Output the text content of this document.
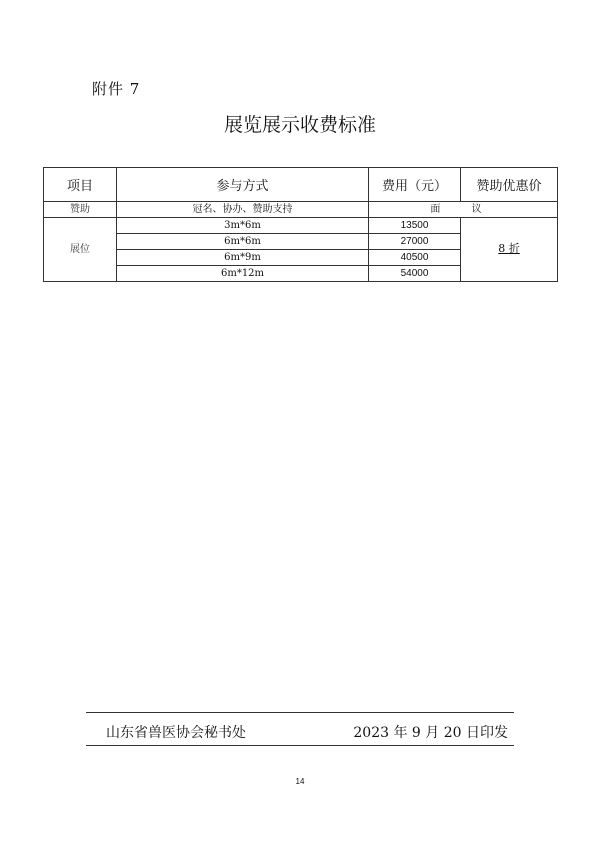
附件 7
展览展示收费标准
项目	参与方式	费用（元）	赞助优惠价
赞助	冠名、协办、赞助支持	面 议	
展位	3m*6m	13500	8 折
	6m*6m	27000	
	6m*9m	40500	
	6m*12m	54000	
山东省兽医协会秘书处	2023 年 9 月 20 日印发
14
